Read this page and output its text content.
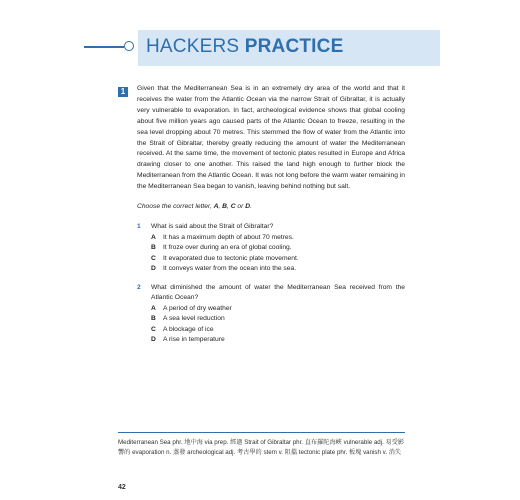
HACKERS PRACTICE
1	Given that the Mediterranean Sea is in an extremely dry area of the world and that it receives the water from the Atlantic Ocean via the narrow Strait of Gibraltar, it is actually very vulnerable to evaporation. In fact, archeological evidence shows that global cooling about five million years ago caused parts of the Atlantic Ocean to freeze, resulting in the sea level dropping about 70 metres. This stemmed the flow of water from the Atlantic into the Strait of Gibraltar, thereby greatly reducing the amount of water the Mediterranean received. At the same time, the movement of tectonic plates resulted in Europe and Africa drawing closer to one another. This raised the land high enough to further block the Mediterranean from the Atlantic Ocean. It was not long before the warm water remaining in the Mediterranean Sea began to vanish, leaving behind nothing but salt.
Choose the correct letter, A, B, C or D.
1	What is said about the Strait of Gibraltar?
A It has a maximum depth of about 70 metres.
B It froze over during an era of global cooling.
C It evaporated due to tectonic plate movement.
D It conveys water from the ocean into the sea.
2	What diminished the amount of water the Mediterranean Sea received from the Atlantic Ocean?
A A period of dry weather
B A sea level reduction
C A blockage of ice
D A rise in temperature
Mediterranean Sea phr. 地中海 via prep. 經過 Strait of Gibraltar phr. 直布羅陀海峽 vulnerable adj. 易受影響的 evaporation n. 蒸發 archeological adj. 考古學的 stem v. 阻擋 tectonic plate phr. 板塊 vanish v. 消失
42
